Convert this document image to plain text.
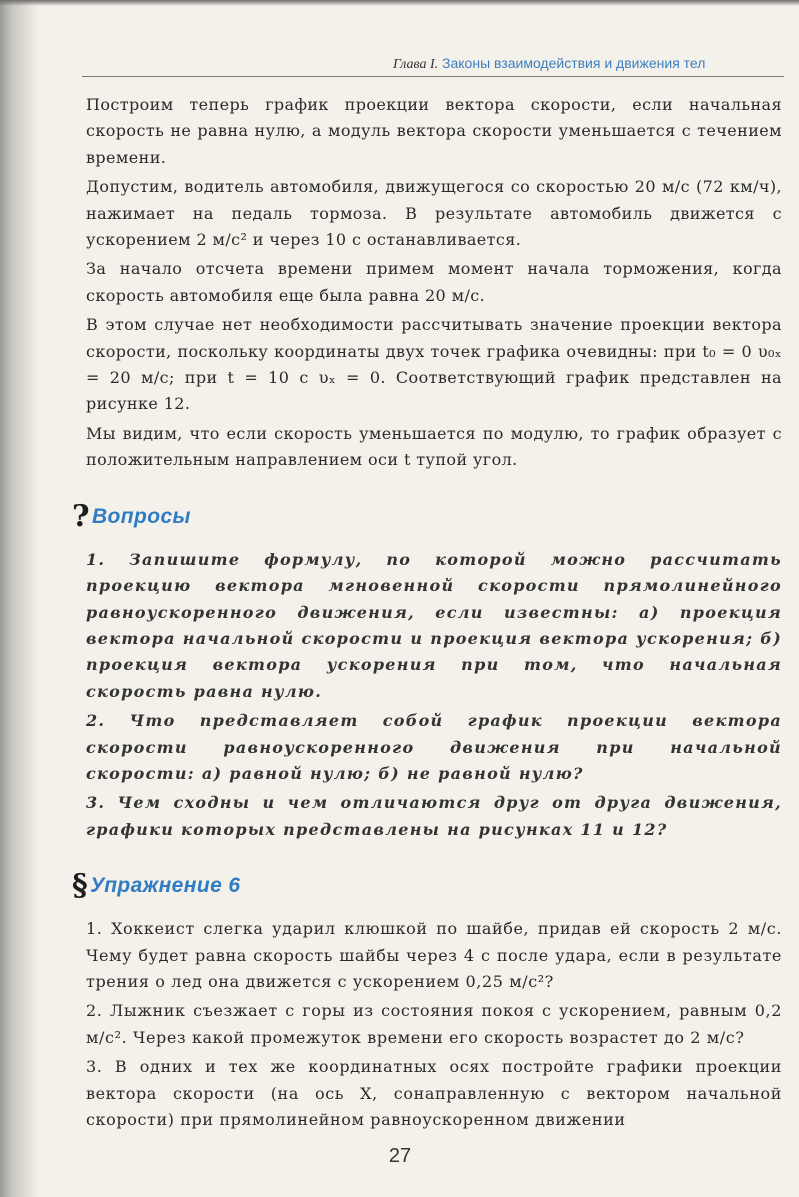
Глава I. Законы взаимодействия и движения тел

Построим теперь график проекции вектора скорости, если начальная скорость не равна нулю, а модуль вектора скорости уменьшается с течением времени.

Допустим, водитель автомобиля, движущегося со скоростью 20 м/с (72 км/ч), нажимает на педаль тормоза. В результате автомобиль движется с ускорением 2 м/с² и через 10 с останавливается.

За начало отсчета времени примем момент начала торможения, когда скорость автомобиля еще была равна 20 м/с.

В этом случае нет необходимости рассчитывать значение проекции вектора скорости, поскольку координаты двух точек графика очевидны: при t₀ = 0 υ₀ₓ = 20 м/с; при t = 10 с υₓ = 0. Соответствующий график представлен на рисунке 12.

Мы видим, что если скорость уменьшается по модулю, то график образует с положительным направлением оси t тупой угол.

?Вопросы

1. Запишите формулу, по которой можно рассчитать проекцию вектора мгновенной скорости прямолинейного равноускоренного движения, если известны: а) проекция вектора начальной скорости и проекция вектора ускорения; б) проекция вектора ускорения при том, что начальная скорость равна нулю.

2. Что представляет собой график проекции вектора скорости равноускоренного движения при начальной скорости: а) равной нулю; б) не равной нулю?

3. Чем сходны и чем отличаются друг от друга движения, графики которых представлены на рисунках 11 и 12?

§Упражнение 6

1. Хоккеист слегка ударил клюшкой по шайбе, придав ей скорость 2 м/с. Чему будет равна скорость шайбы через 4 с после удара, если в результате трения о лед она движется с ускорением 0,25 м/с²?

2. Лыжник съезжает с горы из состояния покоя с ускорением, равным 0,2 м/с². Через какой промежуток времени его скорость возрастет до 2 м/с?

3. В одних и тех же координатных осях постройте графики проекции вектора скорости (на ось X, сонаправленную с вектором начальной скорости) при прямолинейном равноускоренном движении

27
